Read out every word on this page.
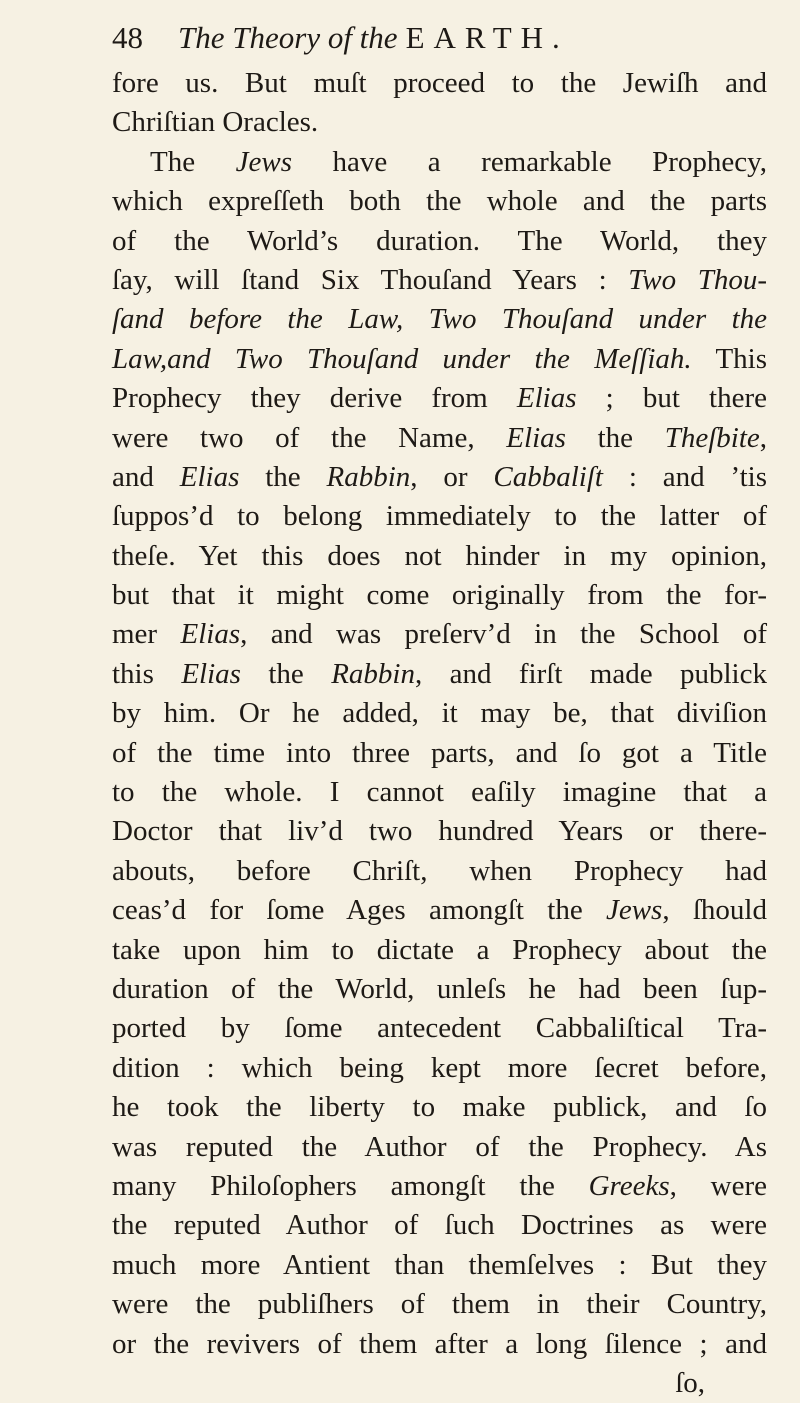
48 The Theory of the EARTH.
fore us. But muſt proceed to the Jewiſh and
Chriſtian Oracles.
The Jews have a remarkable Prophecy,
which expreſſeth both the whole and the parts
of the World’s duration. The World, they
ſay, will ſtand Six Thouſand Years : Two Thou-
ſand before the Law, Two Thouſand under the
Law,and Two Thouſand under the Meſſiah. This
Prophecy they derive from Elias ; but there
were two of the Name, Elias the Theſbite,
and Elias the Rabbin, or Cabbaliſt : and ’tis
ſuppos’d to belong immediately to the latter of
theſe. Yet this does not hinder in my opinion,
but that it might come originally from the for-
mer Elias, and was preſerv’d in the School of
this Elias the Rabbin, and firſt made publick
by him. Or he added, it may be, that diviſion
of the time into three parts, and ſo got a Title
to the whole. I cannot eaſily imagine that a
Doctor that liv’d two hundred Years or there-
abouts, before Chriſt, when Prophecy had
ceas’d for ſome Ages amongſt the Jews, ſhould
take upon him to dictate a Prophecy about the
duration of the World, unleſs he had been ſup-
ported by ſome antecedent Cabbaliſtical Tra-
dition : which being kept more ſecret before,
he took the liberty to make publick, and ſo
was reputed the Author of the Prophecy. As
many Philoſophers amongſt the Greeks, were
the reputed Author of ſuch Doctrines as were
much more Antient than themſelves : But they
were the publiſhers of them in their Country,
or the revivers of them after a long ſilence ; and
ſo,
